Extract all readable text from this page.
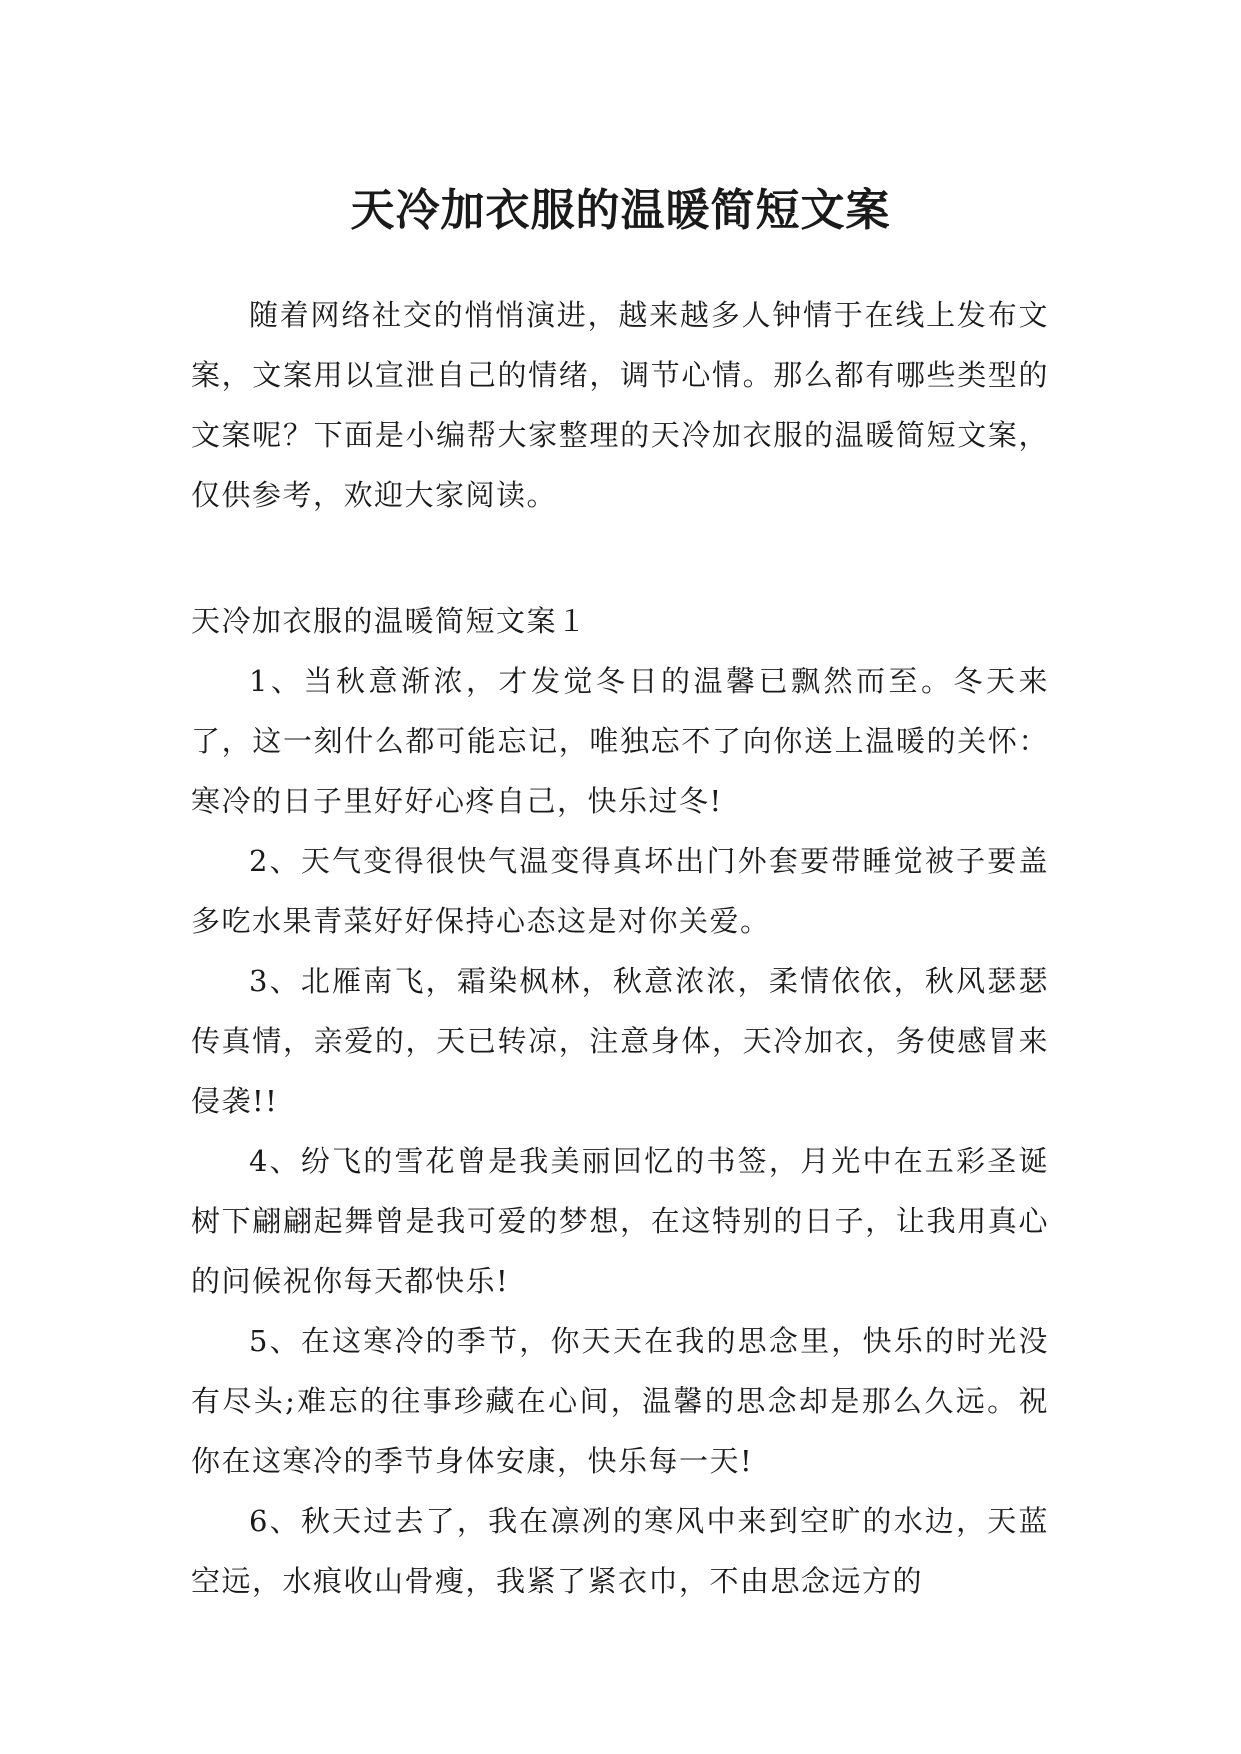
天冷加衣服的温暖简短文案

随着网络社交的悄悄演进，越来越多人钟情于在线上发布文案，文案用以宣泄自己的情绪，调节心情。那么都有哪些类型的文案呢？下面是小编帮大家整理的天冷加衣服的温暖简短文案，仅供参考，欢迎大家阅读。

天冷加衣服的温暖简短文案１

1、当秋意渐浓，才发觉冬日的温馨已飘然而至。冬天来了，这一刻什么都可能忘记，唯独忘不了向你送上温暖的关怀：寒冷的日子里好好心疼自己，快乐过冬!

2、天气变得很快气温变得真坏出门外套要带睡觉被子要盖多吃水果青菜好好保持心态这是对你关爱。

3、北雁南飞，霜染枫林，秋意浓浓，柔情依依，秋风瑟瑟传真情，亲爱的，天已转凉，注意身体，天冷加衣，务使感冒来侵袭!!

4、纷飞的雪花曾是我美丽回忆的书签，月光中在五彩圣诞树下翩翩起舞曾是我可爱的梦想，在这特别的日子，让我用真心的问候祝你每天都快乐!

5、在这寒冷的季节，你天天在我的思念里，快乐的时光没有尽头;难忘的往事珍藏在心间，温馨的思念却是那么久远。祝你在这寒冷的季节身体安康，快乐每一天!

6、秋天过去了，我在凛冽的寒风中来到空旷的水边，天蓝空远，水痕收山骨瘦，我紧了紧衣巾，不由思念远方的
